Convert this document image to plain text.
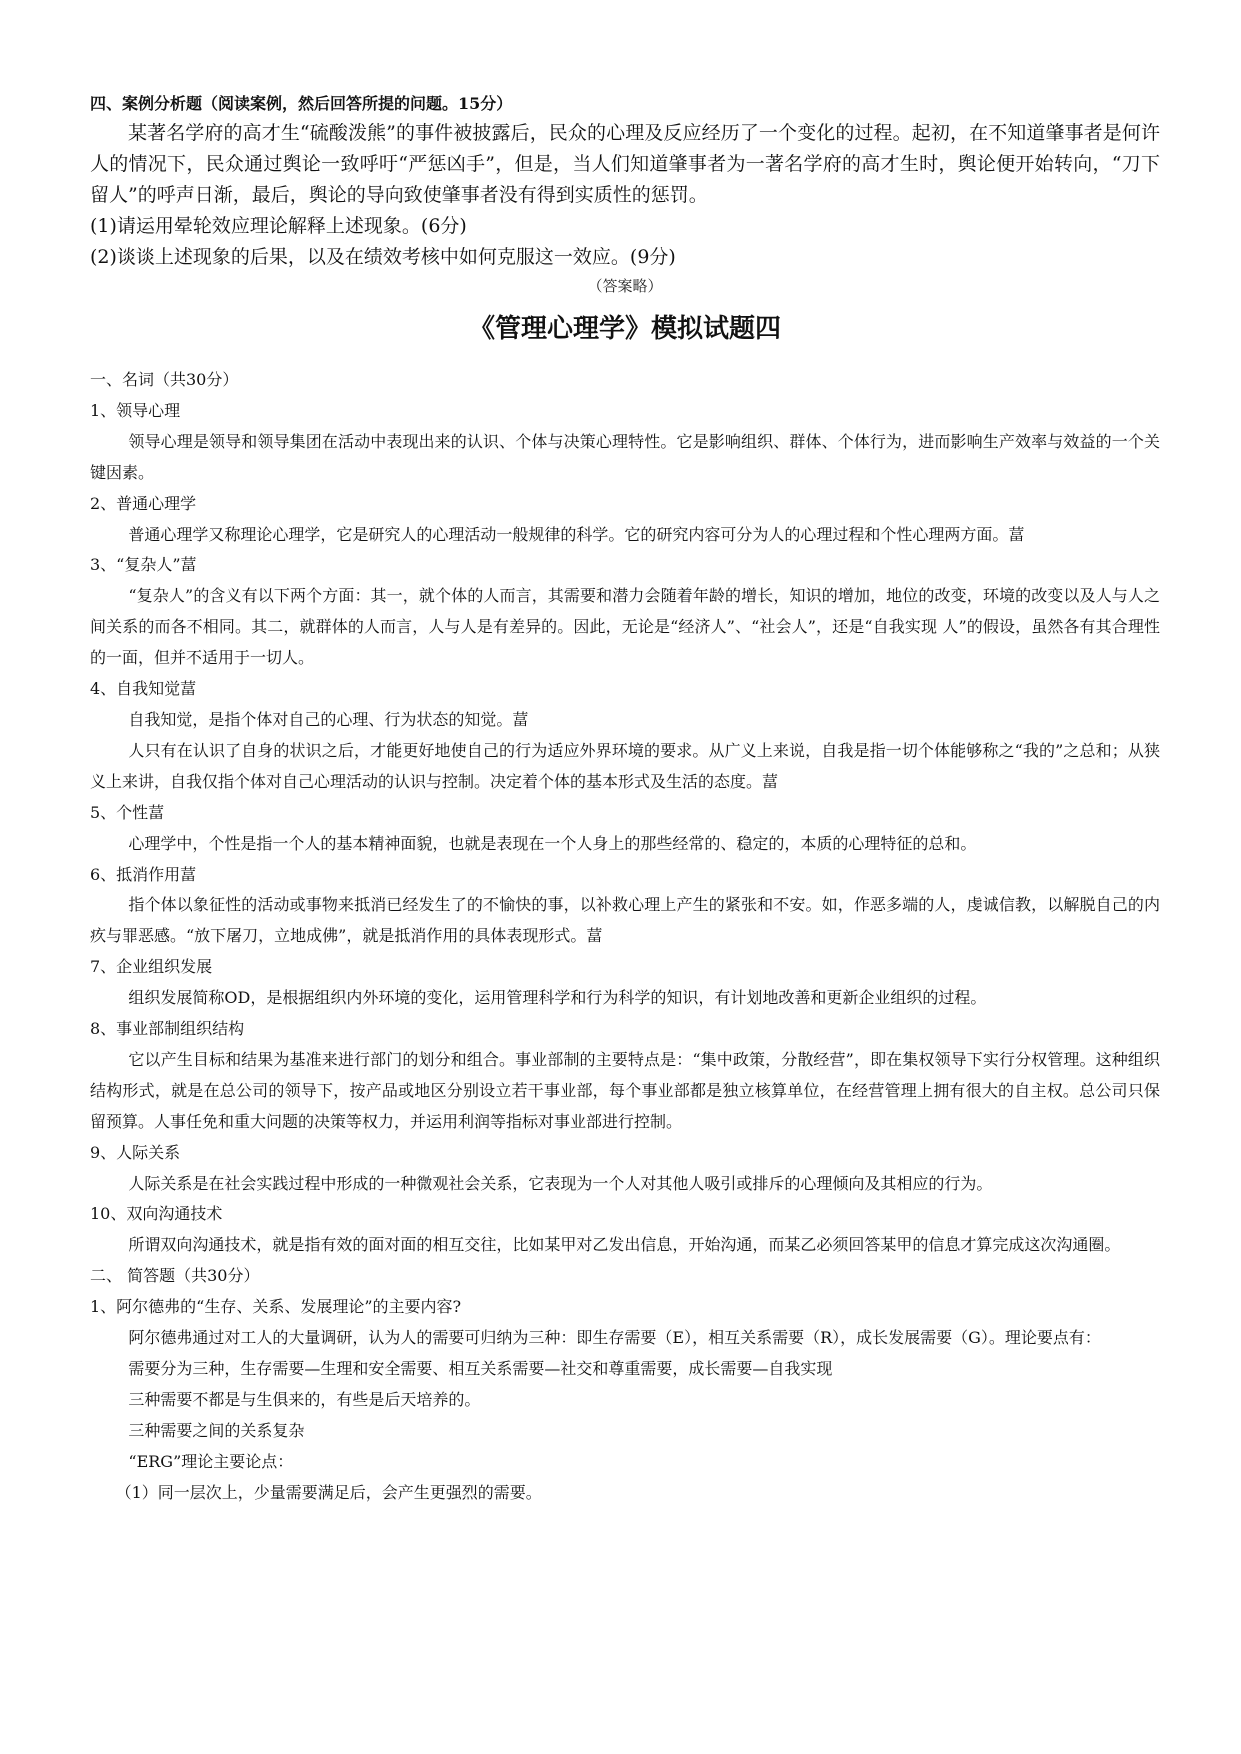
四、案例分析题（阅读案例，然后回答所提的问题。15分）

某著名学府的高才生“硫酸泼熊”的事件被披露后，民众的心理及反应经历了一个变化的过程。起初，在不知道肇事者是何许人的情况下，民众通过舆论一致呼吁“严惩凶手”，但是，当人们知道肇事者为一著名学府的高才生时，舆论便开始转向，“刀下留人”的呼声日渐，最后，舆论的导向致使肇事者没有得到实质性的惩罚。

(1)请运用晕轮效应理论解释上述现象。(6分)

(2)谈谈上述现象的后果，以及在绩效考核中如何克服这一效应。(9分)

（答案略）

《管理心理学》模拟试题四

一、名词（共30分）

1、领导心理

领导心理是领导和领导集团在活动中表现出来的认识、个体与决策心理特性。它是影响组织、群体、个体行为，进而影响生产效率与效益的一个关键因素。

2、普通心理学

普通心理学又称理论心理学，它是研究人的心理活动一般规律的科学。它的研究内容可分为人的心理过程和个性心理两方面。葍

3、“复杂人”葍

“复杂人”的含义有以下两个方面：其一，就个体的人而言，其需要和潜力会随着年龄的增长，知识的增加，地位的改变，环境的改变以及人与人之间关系的而各不相同。其二，就群体的人而言，人与人是有差异的。因此，无论是“经济人”、“社会人”，还是“自我实现 人”的假设，虽然各有其合理性的一面，但并不适用于一切人。

4、自我知觉葍

自我知觉，是指个体对自己的心理、行为状态的知觉。葍

人只有在认识了自身的状识之后，才能更好地使自己的行为适应外界环境的要求。从广义上来说，自我是指一切个体能够称之“我的”之总和；从狭义上来讲，自我仅指个体对自己心理活动的认识与控制。决定着个体的基本形式及生活的态度。葍

5、个性葍

心理学中，个性是指一个人的基本精神面貌，也就是表现在一个人身上的那些经常的、稳定的，本质的心理特征的总和。

6、抵消作用葍

指个体以象征性的活动或事物来抵消已经发生了的不愉快的事，以补救心理上产生的紧张和不安。如，作恶多端的人，虔诚信教，以解脱自己的内疚与罪恶感。“放下屠刀，立地成佛”，就是抵消作用的具体表现形式。葍

7、企业组织发展

组织发展简称OD，是根据组织内外环境的变化，运用管理科学和行为科学的知识，有计划地改善和更新企业组织的过程。

8、事业部制组织结构

它以产生目标和结果为基准来进行部门的划分和组合。事业部制的主要特点是：“集中政策，分散经营”，即在集权领导下实行分权管理。这种组织结构形式，就是在总公司的领导下，按产品或地区分别设立若干事业部，每个事业部都是独立核算单位，在经营管理上拥有很大的自主权。总公司只保留预算。人事任免和重大问题的决策等权力，并运用利润等指标对事业部进行控制。

9、人际关系

人际关系是在社会实践过程中形成的一种微观社会关系，它表现为一个人对其他人吸引或排斥的心理倾向及其相应的行为。

10、双向沟通技术

所谓双向沟通技术，就是指有效的面对面的相互交往，比如某甲对乙发出信息，开始沟通，而某乙必须回答某甲的信息才算完成这次沟通圈。

二、 简答题（共30分）

1、阿尔德弗的“生存、关系、发展理论”的主要内容?

阿尔德弗通过对工人的大量调研，认为人的需要可归纳为三种：即生存需要（E），相互关系需要（R），成长发展需要（G）。理论要点有：

需要分为三种，生存需要—生理和安全需要、相互关系需要—社交和尊重需要，成长需要—自我实现

三种需要不都是与生俱来的，有些是后天培养的。

三种需要之间的关系复杂

“ERG”理论主要论点：

（1）同一层次上，少量需要满足后，会产生更强烈的需要。
